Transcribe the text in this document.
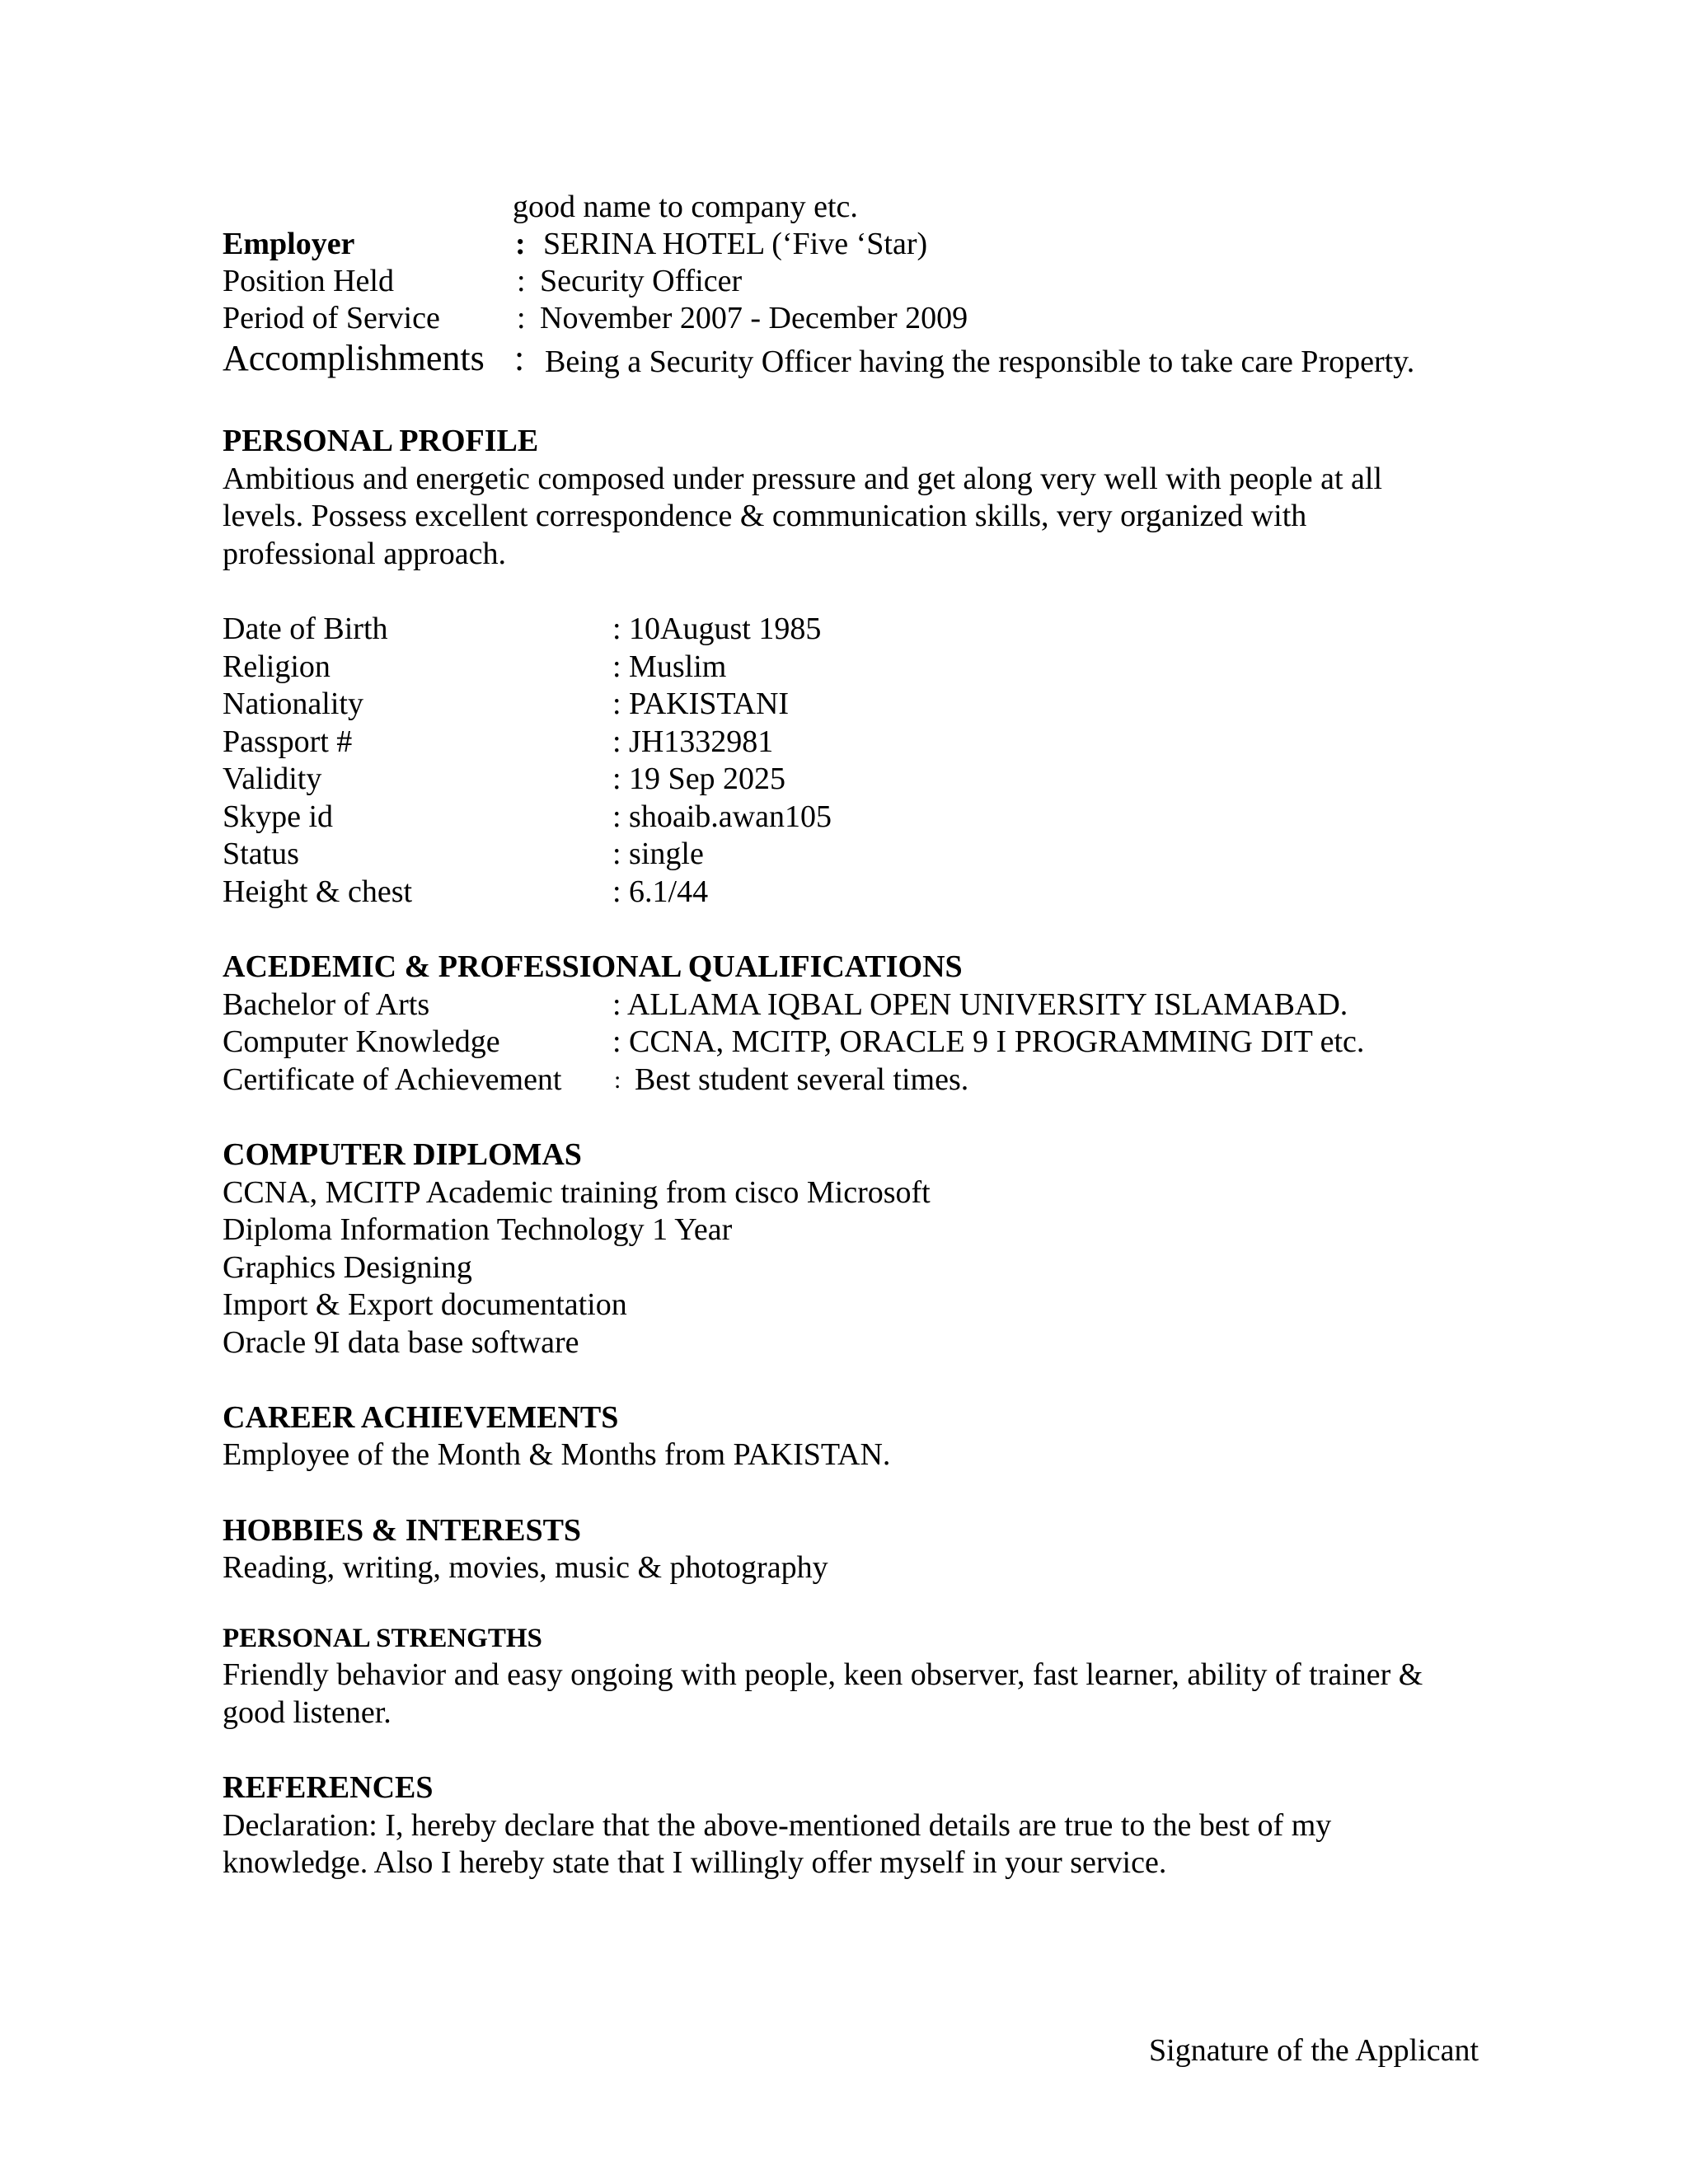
good name to company etc.
Employer	: SERINA HOTEL (‘Five ‘Star)
Position Held	: Security Officer
Period of Service : November 2007 - December 2009
Accomplishments : Being a Security Officer having the responsible to take care Property.
PERSONAL PROFILE
Ambitious and energetic composed under pressure and get along very well with people at all
levels. Possess excellent correspondence & communication skills, very organized with
professional approach.
Date of Birth	: 10August 1985
Religion	: Muslim
Nationality	: PAKISTANI
Passport #	: JH1332981
Validity	: 19 Sep 2025
Skype id	: shoaib.awan105
Status	: single
Height & chest	: 6.1/44
ACEDEMIC & PROFESSIONAL QUALIFICATIONS
Bachelor of Arts	: ALLAMA IQBAL OPEN UNIVERSITY ISLAMABAD.
Computer Knowledge	: CCNA, MCITP, ORACLE 9 I PROGRAMMING DIT etc.
Certificate of Achievement : Best student several times.
COMPUTER DIPLOMAS
CCNA, MCITP Academic training from cisco Microsoft
Diploma Information Technology 1 Year
Graphics Designing
Import & Export documentation
Oracle 9I data base software
CAREER ACHIEVEMENTS
Employee of the Month & Months from PAKISTAN.
HOBBIES & INTERESTS
Reading, writing, movies, music & photography
PERSONAL STRENGTHS
Friendly behavior and easy ongoing with people, keen observer, fast learner, ability of trainer &
good listener.
REFERENCES
Declaration: I, hereby declare that the above-mentioned details are true to the best of my
knowledge. Also I hereby state that I willingly offer myself in your service.
Signature of the Applicant
